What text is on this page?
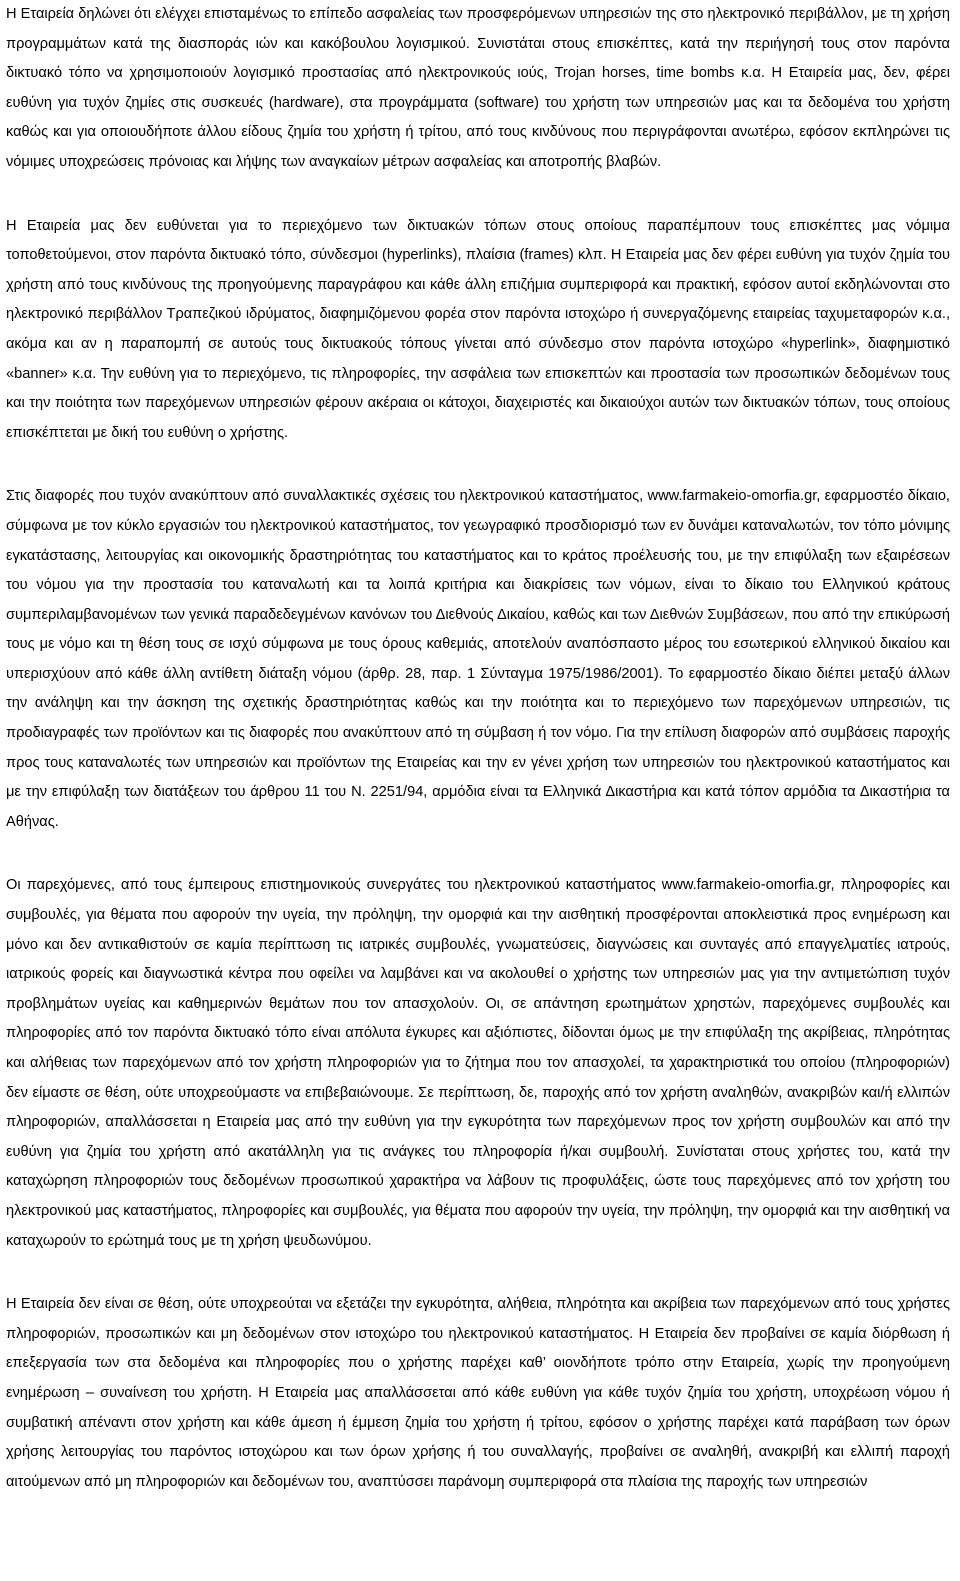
Η Εταιρεία δηλώνει ότι ελέγχει επισταμένως το επίπεδο ασφαλείας των προσφερόμενων υπηρεσιών της στο ηλεκτρονικό περιβάλλον, με τη χρήση προγραμμάτων κατά της διασποράς ιών και κακόβουλου λογισμικού. Συνιστάται στους επισκέπτες, κατά την περιήγησή τους στον παρόντα δικτυακό τόπο να χρησιμοποιούν λογισμικό προστασίας από ηλεκτρονικούς ιούς, Trojan horses, time bombs κ.α. Η Εταιρεία μας, δεν, φέρει ευθύνη για τυχόν ζημίες στις συσκευές (hardware), στα προγράμματα (software) του χρήστη των υπηρεσιών μας και τα δεδομένα του χρήστη καθώς και για οποιουδήποτε άλλου είδους ζημία του χρήστη ή τρίτου, από τους κινδύνους που περιγράφονται ανωτέρω, εφόσον εκπληρώνει τις νόμιμες υποχρεώσεις πρόνοιας και λήψης των αναγκαίων μέτρων ασφαλείας και αποτροπής βλαβών.

Η Εταιρεία μας δεν ευθύνεται για το περιεχόμενο των δικτυακών τόπων στους οποίους παραπέμπουν τους επισκέπτες μας νόμιμα τοποθετούμενοι, στον παρόντα δικτυακό τόπο, σύνδεσμοι (hyperlinks), πλαίσια (frames) κλπ. Η Εταιρεία μας δεν φέρει ευθύνη για τυχόν ζημία του χρήστη από τους κινδύνους της προηγούμενης παραγράφου και κάθε άλλη επιζήμια συμπεριφορά και πρακτική, εφόσον αυτοί εκδηλώνονται στο ηλεκτρονικό περιβάλλον Τραπεζικού ιδρύματος, διαφημιζόμενου φορέα στον παρόντα ιστοχώρο ή συνεργαζόμενης εταιρείας ταχυμεταφορών κ.α., ακόμα και αν η παραπομπή σε αυτούς τους δικτυακούς τόπους γίνεται από σύνδεσμο στον παρόντα ιστοχώρο «hyperlink», διαφημιστικό «banner» κ.α. Την ευθύνη για το περιεχόμενο, τις πληροφορίες, την ασφάλεια των επισκεπτών και προστασία των προσωπικών δεδομένων τους και την ποιότητα των παρεχόμενων υπηρεσιών φέρουν ακέραια οι κάτοχοι, διαχειριστές και δικαιούχοι αυτών των δικτυακών τόπων, τους οποίους επισκέπτεται με δική του ευθύνη ο χρήστης.

Στις διαφορές που τυχόν ανακύπτουν από συναλλακτικές σχέσεις του ηλεκτρονικού καταστήματος, www.farmakeio-omorfia.gr, εφαρμοστέο δίκαιο, σύμφωνα με τον κύκλο εργασιών του ηλεκτρονικού καταστήματος, τον γεωγραφικό προσδιορισμό των εν δυνάμει καταναλωτών, τον τόπο μόνιμης εγκατάστασης, λειτουργίας και οικονομικής δραστηριότητας του καταστήματος και το κράτος προέλευσής του, με την επιφύλαξη των εξαιρέσεων του νόμου για την προστασία του καταναλωτή και τα λοιπά κριτήρια και διακρίσεις των νόμων, είναι το δίκαιο του Ελληνικού κράτους συμπεριλαμβανομένων των γενικά παραδεδεγμένων κανόνων του Διεθνούς Δικαίου, καθώς και των Διεθνών Συμβάσεων, που από την επικύρωσή τους με νόμο και τη θέση τους σε ισχύ σύμφωνα με τους όρους καθεμιάς, αποτελούν αναπόσπαστο μέρος του εσωτερικού ελληνικού δικαίου και υπερισχύουν από κάθε άλλη αντίθετη διάταξη νόμου (άρθρ. 28, παρ. 1 Σύνταγμα 1975/1986/2001). Το εφαρμοστέο δίκαιο διέπει μεταξύ άλλων την ανάληψη και την άσκηση της σχετικής δραστηριότητας καθώς και την ποιότητα και το περιεχόμενο των παρεχόμενων υπηρεσιών, τις προδιαγραφές των προϊόντων και τις διαφορές που ανακύπτουν από τη σύμβαση ή τον νόμο. Για την επίλυση διαφορών από συμβάσεις παροχής προς τους καταναλωτές των υπηρεσιών και προϊόντων της Εταιρείας και την εν γένει χρήση των υπηρεσιών του ηλεκτρονικού καταστήματος και με την επιφύλαξη των διατάξεων του άρθρου 11 του Ν. 2251/94, αρμόδια είναι τα Ελληνικά Δικαστήρια και κατά τόπον αρμόδια τα Δικαστήρια τα Αθήνας.

Οι παρεχόμενες, από τους έμπειρους επιστημονικούς συνεργάτες του ηλεκτρονικού καταστήματος www.farmakeio-omorfia.gr, πληροφορίες και συμβουλές, για θέματα που αφορούν την υγεία, την πρόληψη, την ομορφιά και την αισθητική προσφέρονται αποκλειστικά προς ενημέρωση και μόνο και δεν αντικαθιστούν σε καμία περίπτωση τις ιατρικές συμβουλές, γνωματεύσεις, διαγνώσεις και συνταγές από επαγγελματίες ιατρούς, ιατρικούς φορείς και διαγνωστικά κέντρα που οφείλει να λαμβάνει και να ακολουθεί ο χρήστης των υπηρεσιών μας για την αντιμετώπιση τυχόν προβλημάτων υγείας και καθημερινών θεμάτων που τον απασχολούν. Οι, σε απάντηση ερωτημάτων χρηστών, παρεχόμενες συμβουλές και πληροφορίες από τον παρόντα δικτυακό τόπο είναι απόλυτα έγκυρες και αξιόπιστες, δίδονται όμως με την επιφύλαξη της ακρίβειας, πληρότητας και αλήθειας των παρεχόμενων από τον χρήστη πληροφοριών για το ζήτημα που τον απασχολεί, τα χαρακτηριστικά του οποίου (πληροφοριών) δεν είμαστε σε θέση, ούτε υποχρεούμαστε να επιβεβαιώνουμε. Σε περίπτωση, δε, παροχής από τον χρήστη αναληθών, ανακριβών και/ή ελλιπών πληροφοριών, απαλλάσσεται η Εταιρεία μας από την ευθύνη για την εγκυρότητα των παρεχόμενων προς τον χρήστη συμβουλών και από την ευθύνη για ζημία του χρήστη από ακατάλληλη για τις ανάγκες του πληροφορία ή/και συμβουλή. Συνίσταται στους χρήστες του, κατά την καταχώρηση πληροφοριών τους δεδομένων προσωπικού χαρακτήρα να λάβουν τις προφυλάξεις, ώστε τους παρεχόμενες από τον χρήστη του ηλεκτρονικού μας καταστήματος, πληροφορίες και συμβουλές, για θέματα που αφορούν την υγεία, την πρόληψη, την ομορφιά και την αισθητική να καταχωρούν το ερώτημά τους με τη χρήση ψευδωνύμου.

Η Εταιρεία δεν είναι σε θέση, ούτε υποχρεούται να εξετάζει την εγκυρότητα, αλήθεια, πληρότητα και ακρίβεια των παρεχόμενων από τους χρήστες πληροφοριών, προσωπικών και μη δεδομένων στον ιστοχώρο του ηλεκτρονικού καταστήματος. Η Εταιρεία δεν προβαίνει σε καμία διόρθωση ή επεξεργασία των στα δεδομένα και πληροφορίες που ο χρήστης παρέχει καθ’ οιονδήποτε τρόπο στην Εταιρεία, χωρίς την προηγούμενη ενημέρωση – συναίνεση του χρήστη. Η Εταιρεία μας απαλλάσσεται από κάθε ευθύνη για κάθε τυχόν ζημία του χρήστη, υποχρέωση νόμου ή συμβατική απέναντι στον χρήστη και κάθε άμεση ή έμμεση ζημία του χρήστη ή τρίτου, εφόσον ο χρήστης παρέχει κατά παράβαση των όρων χρήσης λειτουργίας του παρόντος ιστοχώρου και των όρων χρήσης ή του συναλλαγής, προβαίνει σε αναληθή, ανακριβή και ελλιπή παροχή αιτούμενων από μη πληροφοριών και δεδομένων του, αναπτύσσει παράνομη συμπεριφορά στα πλαίσια της παροχής των υπηρεσιών
